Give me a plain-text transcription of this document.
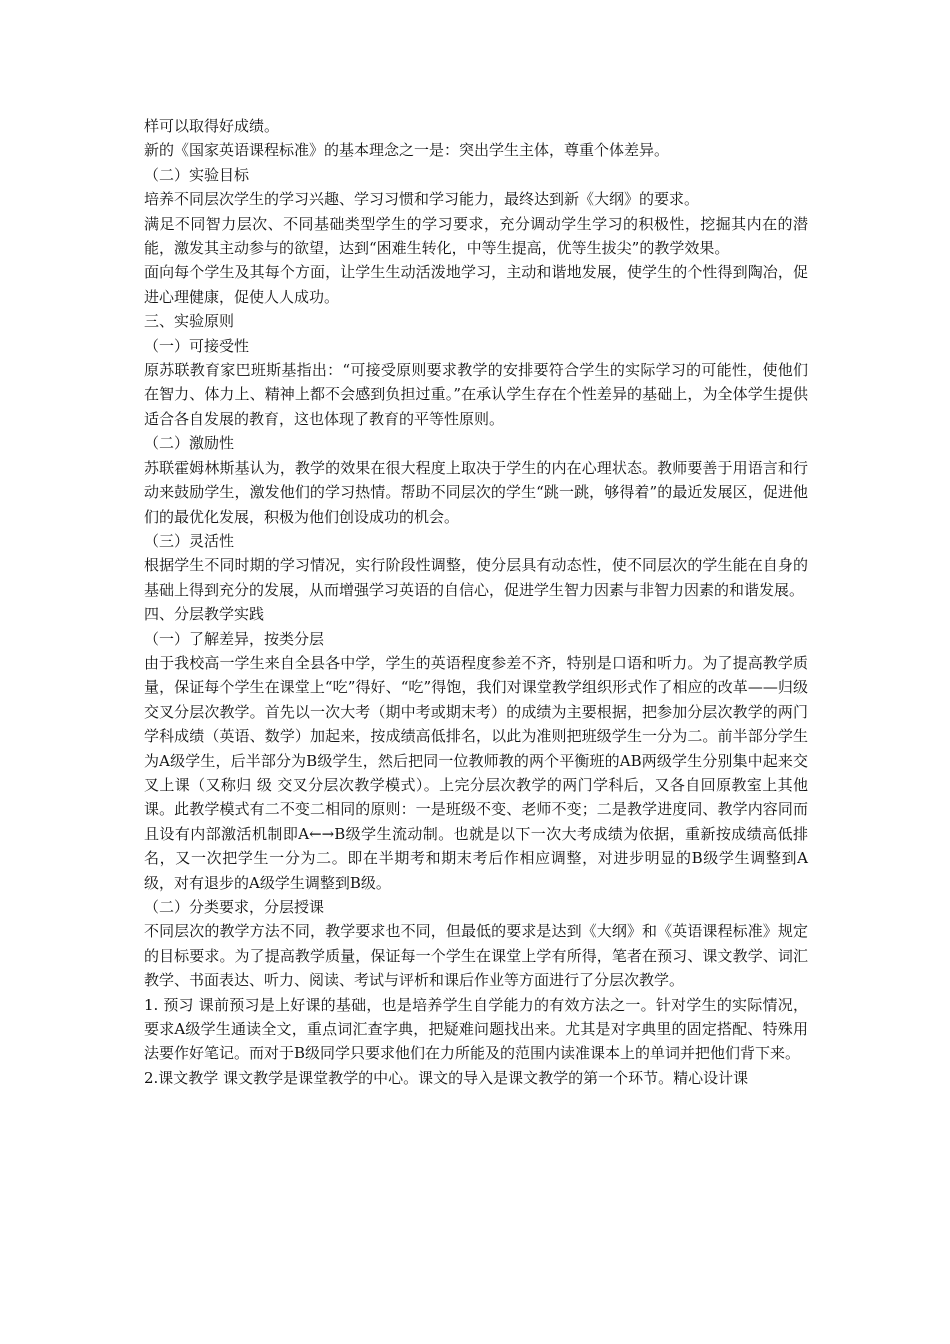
样可以取得好成绩。

新的《国家英语课程标准》的基本理念之一是：突出学生主体，尊重个体差异。

（二）实验目标

培养不同层次学生的学习兴趣、学习习惯和学习能力，最终达到新《大纲》的要求。

满足不同智力层次、不同基础类型学生的学习要求，充分调动学生学习的积极性，挖掘其内在的潜能，激发其主动参与的欲望，达到“困难生转化，中等生提高，优等生拔尖”的教学效果。

面向每个学生及其每个方面，让学生生动活泼地学习，主动和谐地发展，使学生的个性得到陶冶，促进心理健康，促使人人成功。

三、实验原则

（一）可接受性

原苏联教育家巴班斯基指出：“可接受原则要求教学的安排要符合学生的实际学习的可能性，使他们在智力、体力上、精神上都不会感到负担过重。”在承认学生存在个性差异的基础上，为全体学生提供适合各自发展的教育，这也体现了教育的平等性原则。

（二）激励性

苏联霍姆林斯基认为，教学的效果在很大程度上取决于学生的内在心理状态。教师要善于用语言和行动来鼓励学生，激发他们的学习热情。帮助不同层次的学生“跳一跳，够得着”的最近发展区，促进他们的最优化发展，积极为他们创设成功的机会。

（三）灵活性

根据学生不同时期的学习情况，实行阶段性调整，使分层具有动态性，使不同层次的学生能在自身的基础上得到充分的发展，从而增强学习英语的自信心，促进学生智力因素与非智力因素的和谐发展。

四、分层教学实践

（一）了解差异，按类分层

由于我校高一学生来自全县各中学，学生的英语程度参差不齐，特别是口语和听力。为了提高教学质量，保证每个学生在课堂上“吃”得好、“吃”得饱，我们对课堂教学组织形式作了相应的改革——归级交叉分层次教学。首先以一次大考（期中考或期末考）的成绩为主要根据，把参加分层次教学的两门学科成绩（英语、数学）加起来，按成绩高低排名，以此为准则把班级学生一分为二。前半部分学生为A级学生，后半部分为B级学生，然后把同一位教师教的两个平衡班的AB两级学生分别集中起来交叉上课（又称归 级 交叉分层次教学模式）。上完分层次教学的两门学科后，又各自回原教室上其他课。此教学模式有二不变二相同的原则：一是班级不变、老师不变；二是教学进度同、教学内容同而且设有内部激活机制即A←→B级学生流动制。也就是以下一次大考成绩为依据，重新按成绩高低排名，又一次把学生一分为二。即在半期考和期末考后作相应调整，对进步明显的B级学生调整到A级，对有退步的A级学生调整到B级。

（二）分类要求，分层授课

不同层次的教学方法不同，教学要求也不同，但最低的要求是达到《大纲》和《英语课程标准》规定的目标要求。为了提高教学质量，保证每一个学生在课堂上学有所得，笔者在预习、课文教学、词汇教学、书面表达、听力、阅读、考试与评析和课后作业等方面进行了分层次教学。

1. 预习 课前预习是上好课的基础，也是培养学生自学能力的有效方法之一。针对学生的实际情况，要求A级学生通读全文，重点词汇查字典，把疑难问题找出来。尤其是对字典里的固定搭配、特殊用法要作好笔记。而对于B级同学只要求他们在力所能及的范围内读准课本上的单词并把他们背下来。

2.课文教学 课文教学是课堂教学的中心。课文的导入是课文教学的第一个环节。精心设计课
